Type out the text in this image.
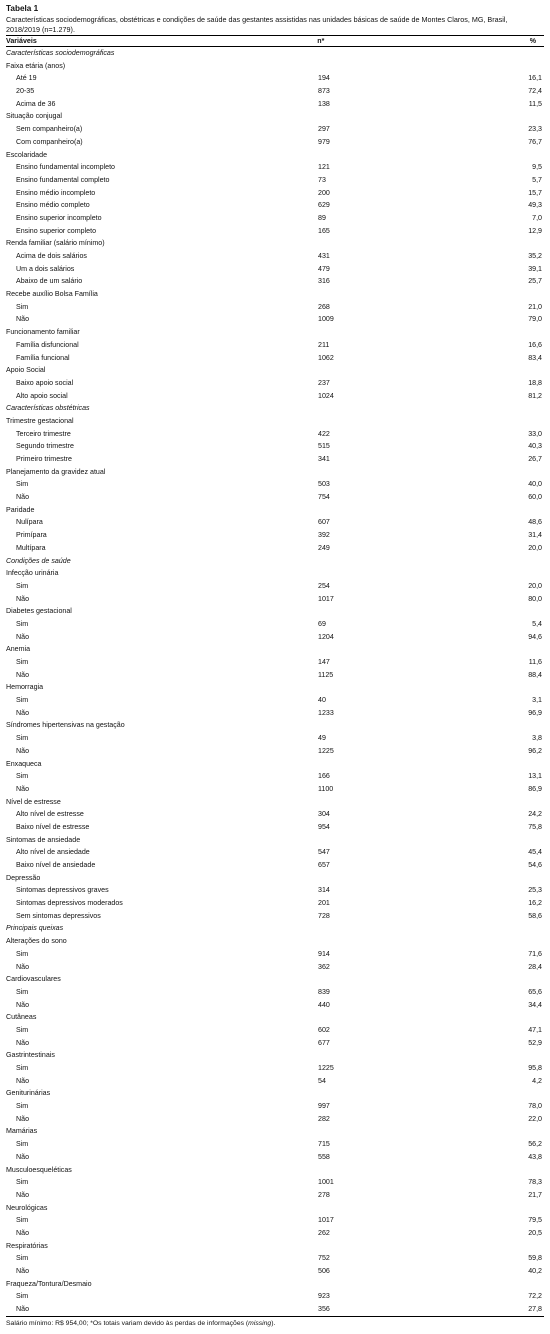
Tabela 1
Características sociodemográficas, obstétricas e condições de saúde das gestantes assistidas nas unidades básicas de saúde de Montes Claros, MG, Brasil, 2018/2019 (n=1.279).
Variáveis	n*	%
Características sociodemográficas
Faixa etária (anos)
Até 19	194	16,1
20-35	873	72,4
Acima de 36	138	11,5
Situação conjugal
Sem companheiro(a)	297	23,3
Com companheiro(a)	979	76,7
Escolaridade
Ensino fundamental incompleto	121	9,5
Ensino fundamental completo	73	5,7
Ensino médio incompleto	200	15,7
Ensino médio completo	629	49,3
Ensino superior incompleto	89	7,0
Ensino superior completo	165	12,9
Renda familiar (salário mínimo)
Acima de dois salários	431	35,2
Um a dois salários	479	39,1
Abaixo de um salário	316	25,7
Recebe auxílio Bolsa Família
Sim	268	21,0
Não	1009	79,0
Funcionamento familiar
Família disfuncional	211	16,6
Família funcional	1062	83,4
Apoio Social
Baixo apoio social	237	18,8
Alto apoio social	1024	81,2
Características obstétricas
Trimestre gestacional
Terceiro trimestre	422	33,0
Segundo trimestre	515	40,3
Primeiro trimestre	341	26,7
Planejamento da gravidez atual
Sim	503	40,0
Não	754	60,0
Paridade
Nulípara	607	48,6
Primípara	392	31,4
Multípara	249	20,0
Condições de saúde
Infecção urinária
Sim	254	20,0
Não	1017	80,0
Diabetes gestacional
Sim	69	5,4
Não	1204	94,6
Anemia
Sim	147	11,6
Não	1125	88,4
Hemorragia
Sim	40	3,1
Não	1233	96,9
Síndromes hipertensivas na gestação
Sim	49	3,8
Não	1225	96,2
Enxaqueca
Sim	166	13,1
Não	1100	86,9
Nível de estresse
Alto nível de estresse	304	24,2
Baixo nível de estresse	954	75,8
Sintomas de ansiedade
Alto nível de ansiedade	547	45,4
Baixo nível de ansiedade	657	54,6
Depressão
Sintomas depressivos graves	314	25,3
Sintomas depressivos moderados	201	16,2
Sem sintomas depressivos	728	58,6
Principais queixas
Alterações do sono
Sim	914	71,6
Não	362	28,4
Cardiovasculares
Sim	839	65,6
Não	440	34,4
Cutâneas
Sim	602	47,1
Não	677	52,9
Gastrintestinais
Sim	1225	95,8
Não	54	4,2
Geniturinárias
Sim	997	78,0
Não	282	22,0
Mamárias
Sim	715	56,2
Não	558	43,8
Musculoesqueléticas
Sim	1001	78,3
Não	278	21,7
Neurológicas
Sim	1017	79,5
Não	262	20,5
Respiratórias
Sim	752	59,8
Não	506	40,2
Fraqueza/Tontura/Desmaio
Sim	923	72,2
Não	356	27,8
Salário mínimo: R$ 954,00; *Os totais variam devido às perdas de informações (missing).
